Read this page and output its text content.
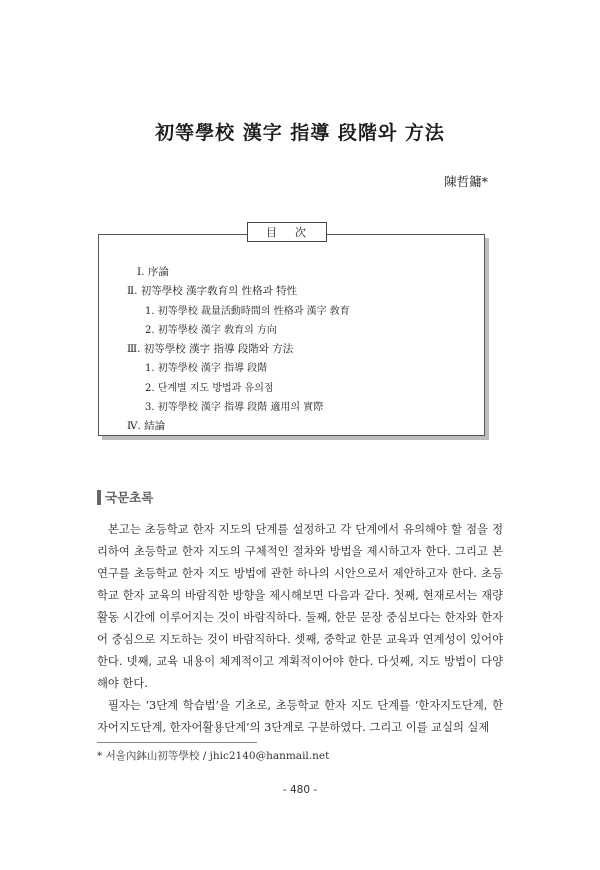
初等學校 漢字 指導 段階와 方法
陳哲鏞*
目次
Ⅰ. 序論
Ⅱ. 初等學校 漢字敎育의 性格과 特性
1. 初等學校 裁量活動時間의 性格과 漢字 敎育
2. 初等學校 漢字 敎育의 方向
Ⅲ. 初等學校 漢字 指導 段階와 方法
1. 初等學校 漢字 指導 段階
2. 단계별 지도 방법과 유의점
3. 初等學校 漢字 指導 段階 適用의 實際
Ⅳ. 結論
국문초록

본고는 초등학교 한자 지도의 단계를 설정하고 각 단계에서 유의해야 할 점을 정리하여 초등학교 한자 지도의 구체적인 절차와 방법을 제시하고자 한다. 그리고 본 연구를 초등학교 한자 지도 방법에 관한 하나의 시안으로서 제안하고자 한다. 초등학교 한자 교육의 바람직한 방향을 제시해보면 다음과 같다. 첫째, 현재로서는 재량활동 시간에 이루어지는 것이 바람직하다. 둘째, 한문 문장 중심보다는 한자와 한자어 중심으로 지도하는 것이 바람직하다. 셋째, 중학교 한문 교육과 연계성이 있어야 한다. 넷째, 교육 내용이 체계적이고 계획적이어야 한다. 다섯째, 지도 방법이 다양해야 한다.

필자는 ‘3단계 학습법’을 기초로, 초등학교 한자 지도 단계를 ‘한자지도단계, 한자어지도단계, 한자어활용단계’의 3단계로 구분하였다. 그리고 이를 교실의 실제

* 서울內鉢山初等學校 / jhic2140@hanmail.net
- 480 -
